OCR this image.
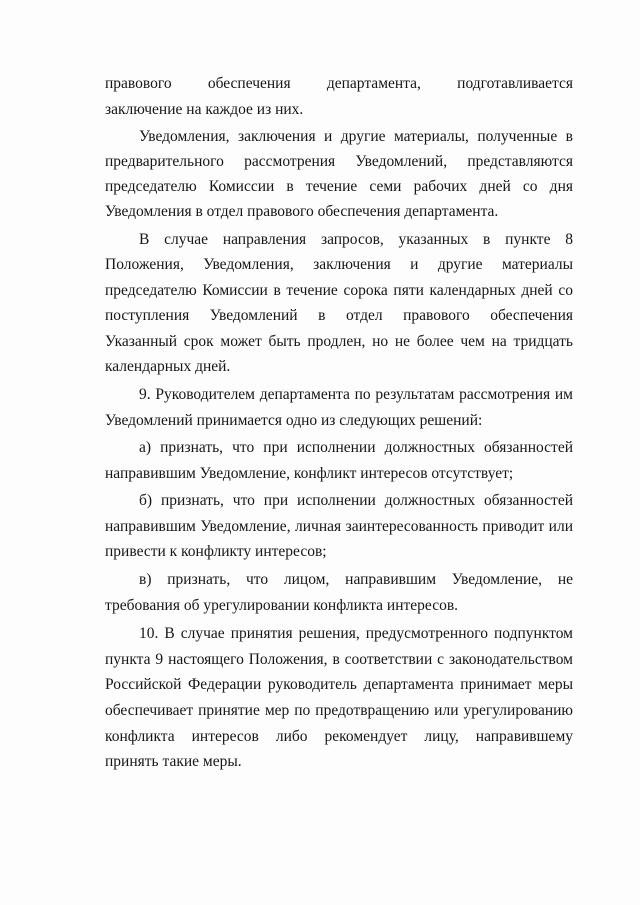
правового обеспечения департамента, подготавливается
заключение на каждое из них.
Уведомления, заключения и другие материалы, полученные в
предварительного рассмотрения Уведомлений, представляются
председателю Комиссии в течение семи рабочих дней со дня
Уведомления в отдел правового обеспечения департамента.
В случае направления запросов, указанных в пункте 8
Положения, Уведомления, заключения и другие материалы
председателю Комиссии в течение сорока пяти календарных дней со
поступления Уведомлений в отдел правового обеспечения
Указанный срок может быть продлен, но не более чем на тридцать
календарных дней.
9. Руководителем департамента по результатам рассмотрения им
Уведомлений принимается одно из следующих решений:
а) признать, что при исполнении должностных обязанностей
направившим Уведомление, конфликт интересов отсутствует;
б) признать, что при исполнении должностных обязанностей
направившим Уведомление, личная заинтересованность приводит или
привести к конфликту интересов;
в) признать, что лицом, направившим Уведомление, не
требования об урегулировании конфликта интересов.
10. В случае принятия решения, предусмотренного подпунктом
пункта 9 настоящего Положения, в соответствии с законодательством
Российской Федерации руководитель департамента принимает меры
обеспечивает принятие мер по предотвращению или урегулированию
конфликта интересов либо рекомендует лицу, направившему
принять такие меры.
